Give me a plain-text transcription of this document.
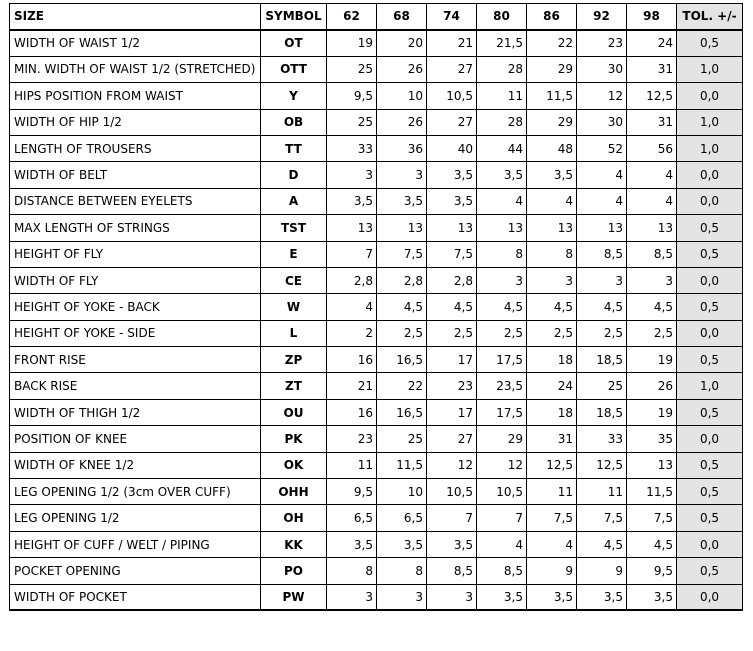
SIZE	SYMBOL	62	68	74	80	86	92	98	TOL. +/-
WIDTH OF WAIST 1/2	OT	19	20	21	21,5	22	23	24	0,5
MIN. WIDTH OF WAIST 1/2 (STRETCHED)	OTT	25	26	27	28	29	30	31	1,0
HIPS POSITION FROM WAIST	Y	9,5	10	10,5	11	11,5	12	12,5	0,0
WIDTH OF HIP 1/2	OB	25	26	27	28	29	30	31	1,0
LENGTH OF TROUSERS	TT	33	36	40	44	48	52	56	1,0
WIDTH OF BELT	D	3	3	3,5	3,5	3,5	4	4	0,0
DISTANCE BETWEEN EYELETS	A	3,5	3,5	3,5	4	4	4	4	0,0
MAX LENGTH OF STRINGS	TST	13	13	13	13	13	13	13	0,5
HEIGHT OF FLY	E	7	7,5	7,5	8	8	8,5	8,5	0,5
WIDTH OF FLY	CE	2,8	2,8	2,8	3	3	3	3	0,0
HEIGHT OF YOKE - BACK	W	4	4,5	4,5	4,5	4,5	4,5	4,5	0,5
HEIGHT OF YOKE - SIDE	L	2	2,5	2,5	2,5	2,5	2,5	2,5	0,0
FRONT RISE	ZP	16	16,5	17	17,5	18	18,5	19	0,5
BACK RISE	ZT	21	22	23	23,5	24	25	26	1,0
WIDTH OF THIGH 1/2	OU	16	16,5	17	17,5	18	18,5	19	0,5
POSITION OF KNEE	PK	23	25	27	29	31	33	35	0,0
WIDTH OF KNEE 1/2	OK	11	11,5	12	12	12,5	12,5	13	0,5
LEG OPENING 1/2 (3cm OVER CUFF)	OHH	9,5	10	10,5	10,5	11	11	11,5	0,5
LEG OPENING 1/2	OH	6,5	6,5	7	7	7,5	7,5	7,5	0,5
HEIGHT OF CUFF / WELT / PIPING	KK	3,5	3,5	3,5	4	4	4,5	4,5	0,0
POCKET OPENING	PO	8	8	8,5	8,5	9	9	9,5	0,5
WIDTH OF POCKET	PW	3	3	3	3,5	3,5	3,5	3,5	0,0
